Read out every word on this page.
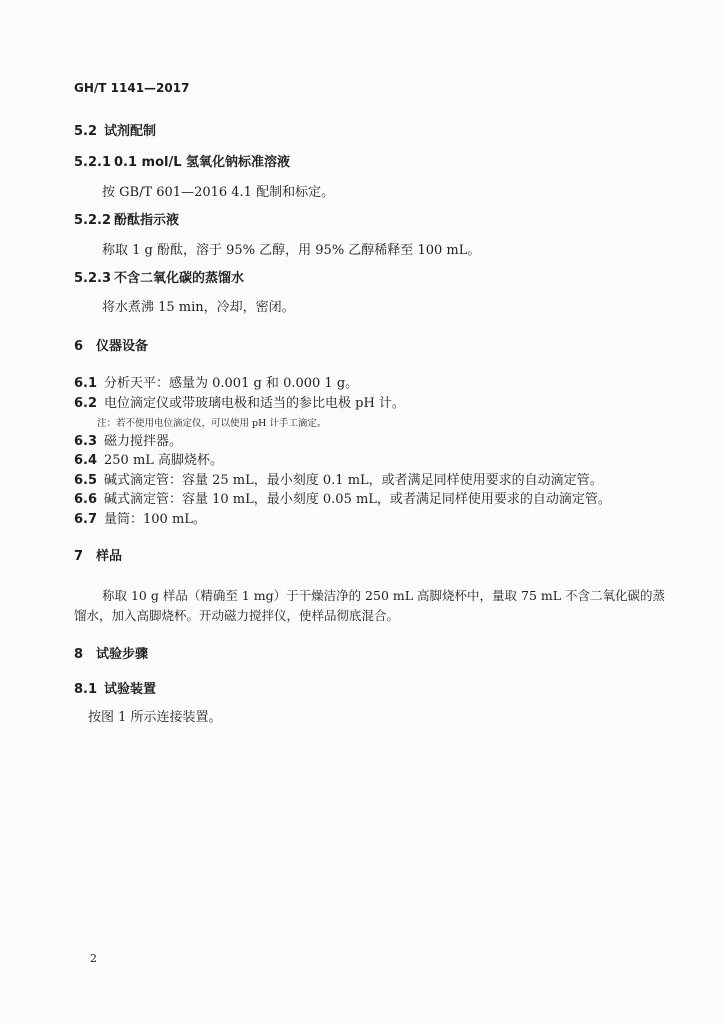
GH/T 1141—2017
5.2 试剂配制
5.2.1 0.1 mol/L 氢氧化钠标准溶液
按 GB/T 601—2016 4.1 配制和标定。
5.2.2 酚酞指示液
称取 1 g 酚酞，溶于 95% 乙醇，用 95% 乙醇稀释至 100 mL。
5.2.3 不含二氧化碳的蒸馏水
将水煮沸 15 min，冷却，密闭。
6 仪器设备
6.1 分析天平：感量为 0.001 g 和 0.000 1 g。
6.2 电位滴定仪或带玻璃电极和适当的参比电极 pH 计。
注：若不使用电位滴定仪，可以使用 pH 计手工滴定。
6.3 磁力搅拌器。
6.4 250 mL 高脚烧杯。
6.5 碱式滴定管：容量 25 mL，最小刻度 0.1 mL，或者满足同样使用要求的自动滴定管。
6.6 碱式滴定管：容量 10 mL，最小刻度 0.05 mL，或者满足同样使用要求的自动滴定管。
6.7 量筒：100 mL。
7 样品
称取 10 g 样品（精确至 1 mg）于干燥洁净的 250 mL 高脚烧杯中，量取 75 mL 不含二氧化碳的蒸
馏水，加入高脚烧杯。开动磁力搅拌仪，使样品彻底混合。
8 试验步骤
8.1 试验装置
按图 1 所示连接装置。
2
